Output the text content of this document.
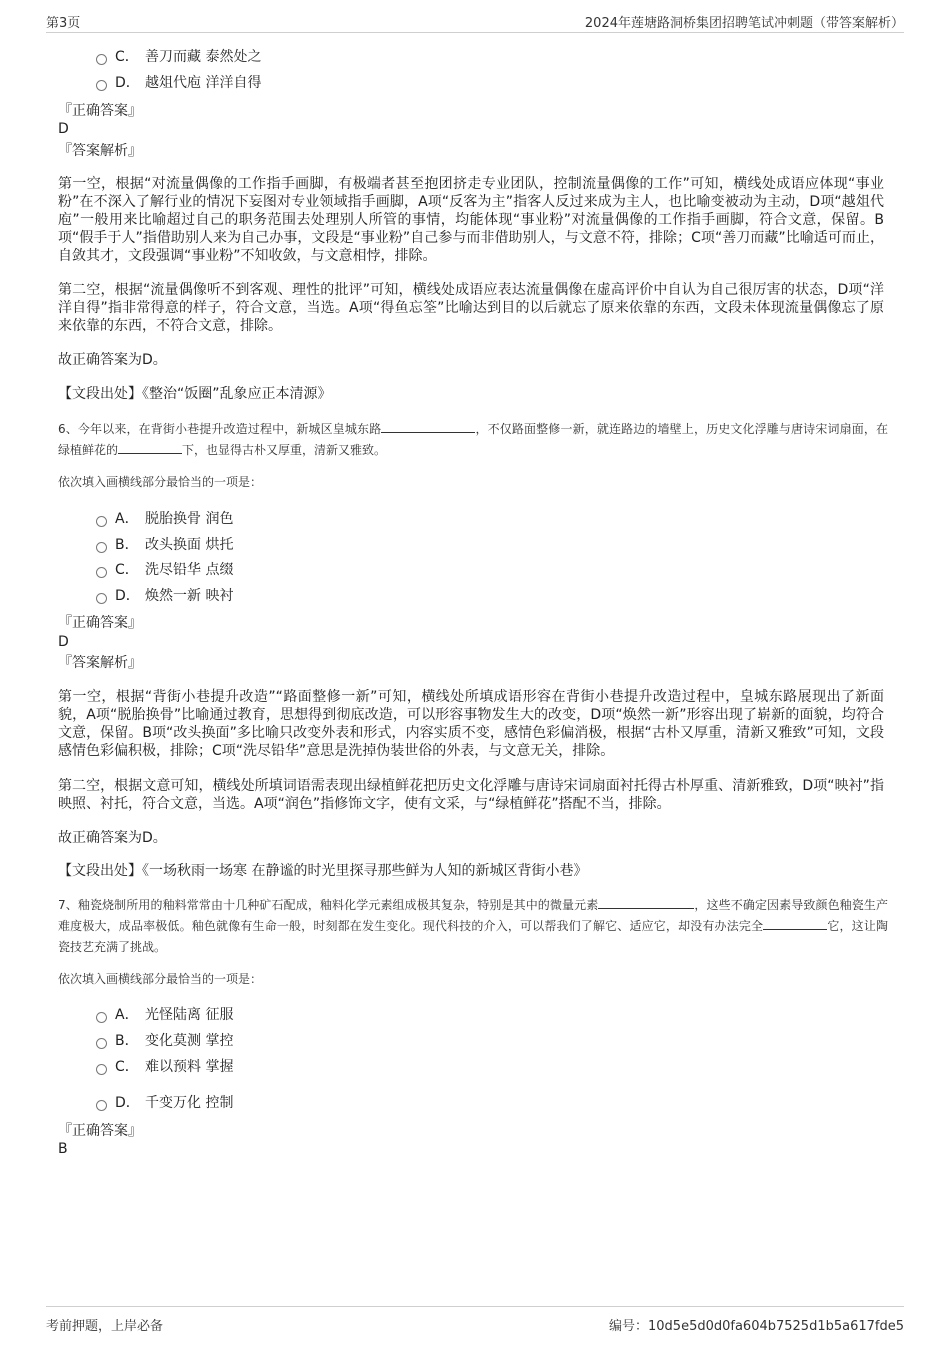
第3页	2024年莲塘路洞桥集团招聘笔试冲刺题（带答案解析）
C． 善刀而藏 泰然处之
D． 越俎代庖 洋洋自得
『正确答案』
D
『答案解析』

第一空，根据“对流量偶像的工作指手画脚，有极端者甚至抱团挤走专业团队，控制流量偶像的工作”可知，横线处成语应体现“事业粉”在不深入了解行业的情况下妄图对专业领域指手画脚，A项“反客为主”指客人反过来成为主人，也比喻变被动为主动，D项“越俎代庖”一般用来比喻超过自己的职务范围去处理别人所管的事情，均能体现“事业粉”对流量偶像的工作指手画脚，符合文意，保留。B项“假手于人”指借助别人来为自己办事，文段是“事业粉”自己参与而非借助别人，与文意不符，排除；C项“善刀而藏”比喻适可而止，自敛其才，文段强调“事业粉”不知收敛，与文意相悖，排除。

第二空，根据“流量偶像听不到客观、理性的批评”可知，横线处成语应表达流量偶像在虚高评价中自认为自己很厉害的状态，D项“洋洋自得”指非常得意的样子，符合文意，当选。A项“得鱼忘筌”比喻达到目的以后就忘了原来依靠的东西，文段未体现流量偶像忘了原来依靠的东西，不符合文意，排除。

故正确答案为D。

【文段出处】《整治“饭圈”乱象应正本清源》

6、今年以来，在背街小巷提升改造过程中，新城区皇城东路	，不仅路面整修一新，就连路边的墙壁上，历史文化浮雕与唐诗宋词扇面，在绿植鲜花的	下，也显得古朴又厚重，清新又雅致。
依次填入画横线部分最恰当的一项是：
A． 脱胎换骨 润色
B． 改头换面 烘托
C． 洗尽铅华 点缀
D． 焕然一新 映衬
『正确答案』
D
『答案解析』

第一空，根据“背街小巷提升改造”“路面整修一新”可知，横线处所填成语形容在背街小巷提升改造过程中，皇城东路展现出了新面貌，A项“脱胎换骨”比喻通过教育，思想得到彻底改造，可以形容事物发生大的改变，D项“焕然一新”形容出现了崭新的面貌，均符合文意，保留。B项“改头换面”多比喻只改变外表和形式，内容实质不变，感情色彩偏消极，根据“古朴又厚重，清新又雅致”可知，文段感情色彩偏积极，排除；C项“洗尽铅华”意思是洗掉伪装世俗的外表，与文意无关，排除。

第二空，根据文意可知，横线处所填词语需表现出绿植鲜花把历史文化浮雕与唐诗宋词扇面衬托得古朴厚重、清新雅致，D项“映衬”指映照、衬托，符合文意，当选。A项“润色”指修饰文字，使有文采，与“绿植鲜花”搭配不当，排除。

故正确答案为D。

【文段出处】《一场秋雨一场寒 在静谧的时光里探寻那些鲜为人知的新城区背街小巷》

7、釉瓷烧制所用的釉料常常由十几种矿石配成，釉料化学元素组成极其复杂，特别是其中的微量元素	，这些不确定因素导致颜色釉瓷生产难度极大，成品率极低。釉色就像有生命一般，时刻都在发生变化。现代科技的介入，可以帮我们了解它、适应它，却没有办法完全	它，这让陶瓷技艺充满了挑战。
依次填入画横线部分最恰当的一项是：
A． 光怪陆离 征服
B． 变化莫测 掌控
C． 难以预料 掌握
D． 千变万化 控制
『正确答案』
B
考前押题，上岸必备	编号：10d5e5d0d0fa604b7525d1b5a617fde5
